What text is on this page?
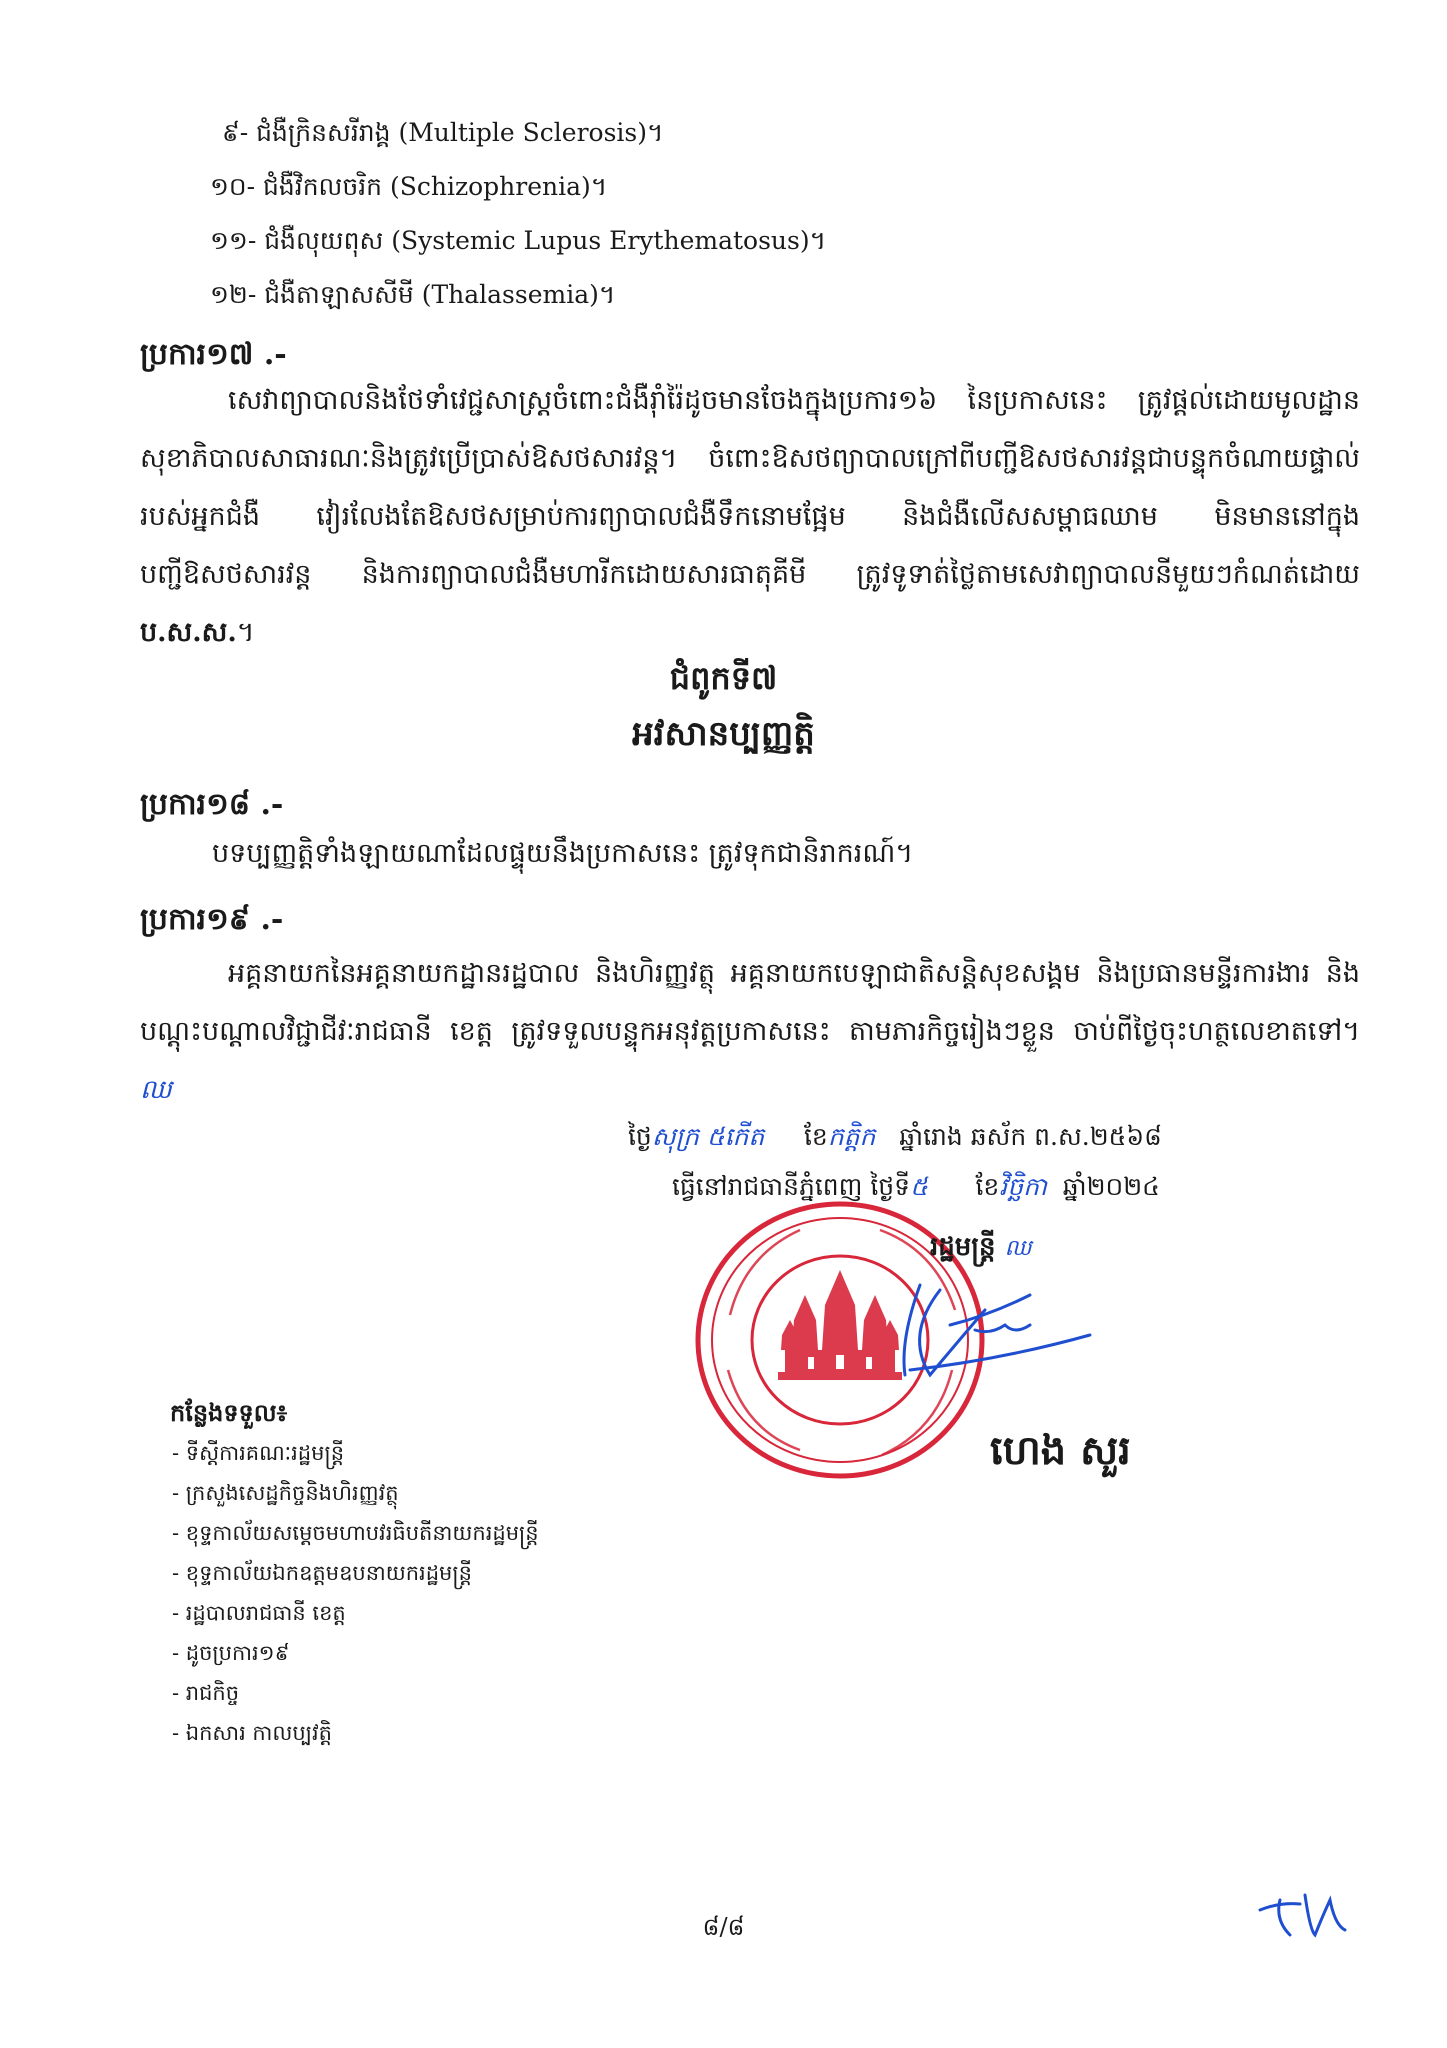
៩- ជំងឺក្រិនសរីរាង្គ (Multiple Sclerosis)។
១០- ជំងឺវិកលចរិក (Schizophrenia)។
១១- ជំងឺលុយពុស (Systemic Lupus Erythematosus)។
១២- ជំងឺតាឡាសសីមី (Thalassemia)។
ប្រការ១៧ .-
សេវាព្យាបាលនិងថែទាំវេជ្ជសាស្ត្រចំពោះជំងឺរ៉ាំរ៉ៃដូចមានចែងក្នុងប្រការ១៦ នៃប្រកាសនេះ ត្រូវផ្តល់ដោយមូលដ្ឋានសុខាភិបាលសាធារណៈនិងត្រូវប្រើប្រាស់ឱសថសារវន្ត។ ចំពោះឱសថព្យាបាលក្រៅពីបញ្ជីឱសថសារវន្តជាបន្ទុកចំណាយផ្ទាល់របស់អ្នកជំងឺ វៀរលែងតែឱសថសម្រាប់ការព្យាបាលជំងឺទឹកនោមផ្អែម និងជំងឺលើសសម្ពាធឈាម មិនមាននៅក្នុងបញ្ជីឱសថសារវន្ត និងការព្យាបាលជំងឺមហារីកដោយសារធាតុគីមី ត្រូវទូទាត់ថ្លៃតាមសេវាព្យាបាលនីមួយៗកំណត់ដោយ ប.ស.ស.។
ជំពូកទី៧
អវសានប្បញ្ញត្តិ
ប្រការ១៨ .-
បទប្បញ្ញត្តិទាំងឡាយណាដែលផ្ទុយនឹងប្រកាសនេះ ត្រូវទុកជានិរាករណ៍។
ប្រការ១៩ .-
អគ្គនាយកនៃអគ្គនាយកដ្ឋានរដ្ឋបាល និងហិរញ្ញវត្ថុ អគ្គនាយកបេឡាជាតិសន្តិសុខសង្គម និងប្រធានមន្ទីរការងារ និងបណ្តុះបណ្តាលវិជ្ជាជីវៈរាជធានី ខេត្ត ត្រូវទទួលបន្ទុកអនុវត្តប្រកាសនេះ តាមភារកិច្ចរៀងៗខ្លួន ចាប់ពីថ្ងៃចុះហត្ថលេខាតទៅ។ ឈ
ថ្ងៃសុក្រ ៥កើត ខែកត្តិក ឆ្នាំរោង ឆស័ក ព.ស.២៥៦៨
ធ្វើនៅរាជធានីភ្នំពេញ ថ្ងៃទី៥ ខែវិច្ឆិកា ឆ្នាំ២០២៤
រដ្ឋមន្ត្រី ឈ
ហេង សួរ
កន្លែងទទួល៖
- ទីស្តីការគណៈរដ្ឋមន្ត្រី
- ក្រសួងសេដ្ឋកិច្ចនិងហិរញ្ញវត្ថុ
- ខុទ្ទកាល័យសម្តេចមហាបវរធិបតីនាយករដ្ឋមន្ត្រី
- ខុទ្ទកាល័យឯកឧត្តមឧបនាយករដ្ឋមន្ត្រី
- រដ្ឋបាលរាជធានី ខេត្ត
- ដូចប្រការ១៩
- រាជកិច្ច
- ឯកសារ កាលប្បវត្តិ
៨/៨
